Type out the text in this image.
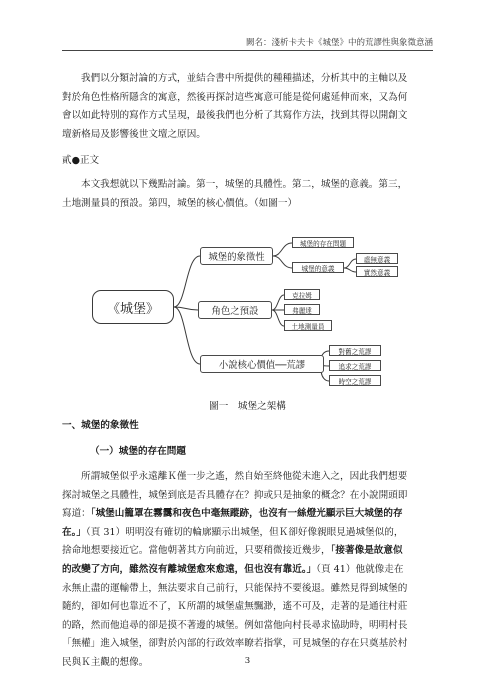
闕名：淺析卡夫卡《城堡》中的荒謬性與象徵意涵
我們以分類討論的方式，並結合書中所提供的種種描述，分析其中的主軸以及
對於角色性格所隱含的寓意，然後再探討這些寓意可能是從何處延伸而來，又為何
會以如此特別的寫作方式呈現，最後我們也分析了其寫作方法，找到其得以開創文
壇新格局及影響後世文壇之原因。
貳●正文
本文我想就以下幾點討論。第一，城堡的具體性。第二，城堡的意義。第三，
土地測量員的預設。第四，城堡的核心價值。（如圖一）
《城堡》
城堡的象徵性
角色之預設
小說核心價值──荒謬
城堡的存在問題
城堡的意義
虛無意義
實然意義
克拉姆
弗麗達
土地測量員
對舊之荒謬
追求之荒謬
時空之荒謬
圖一　城堡之架構
一、城堡的象徵性
（一）城堡的存在問題
所謂城堡似乎永遠離Ｋ僅一步之遙，然自始至終他從未進入之，因此我們想要
探討城堡之具體性，城堡到底是否具體存在？抑或只是抽象的概念？在小說開頭即
寫道：「城堡山籠罩在霧靄和夜色中毫無蹤跡，也沒有一絲燈光顯示巨大城堡的存
在。」（頁 31）明明沒有確切的輪廓顯示出城堡，但Ｋ卻好像親眼見過城堡似的，
捨命地想要接近它。當他朝著其方向前近，只要稍微接近幾步，「接著像是故意似
的改變了方向，雖然沒有離城堡愈來愈遠，但也沒有靠近。」（頁 41）他就像走在
永無止盡的運輸帶上，無法要求自己前行，只能保持不要後退。雖然見得到城堡的
隨約，卻如何也靠近不了，Ｋ所謂的城堡虛無飄渺，遙不可及，走著的是通往村莊
的路，然而他追尋的卻是摸不著邊的城堡。例如當他向村長尋求協助時，明明村長
「無權」進入城堡，卻對於內部的行政效率瞭若指掌，可見城堡的存在只奠基於村
民與Ｋ主觀的想像。	3
